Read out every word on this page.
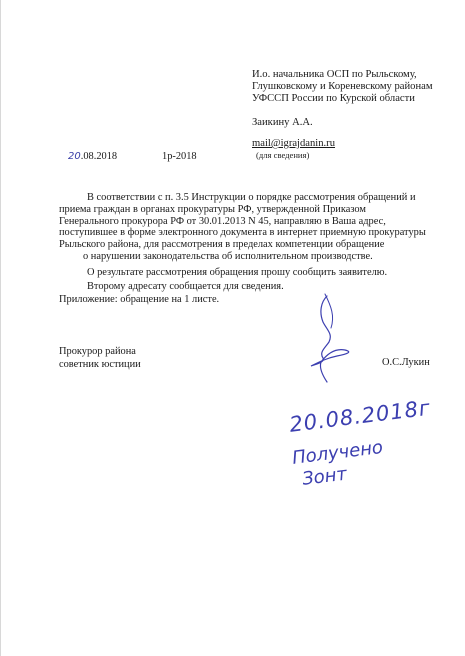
И.о. начальника ОСП по Рыльскому,
Глушковскому и Кореневскому районам
УФССП России по Курской области
Заикину А.А.
mail@igrajdanin.ru
(для сведения)
20.08.2018	1р-2018
В соответствии с п. 3.5 Инструкции о порядке рассмотрения обращений и
приема граждан в органах прокуратуры РФ, утвержденной Приказом
Генерального прокурора РФ от 30.01.2013 N 45, направляю в Ваша адрес,
поступившее в форме электронного документа в интернет приемную прокуратуры
Рыльского района, для рассмотрения в пределах компетенции обращение
о нарушении законодательства об исполнительном производстве.
О результате рассмотрения обращения прошу сообщить заявителю.
Второму адресату сообщается для сведения.
Приложение: обращение на 1 листе.
Прокурор района
советник юстиции	О.С.Лукин
20.08.2018г
Получено
Зонт
